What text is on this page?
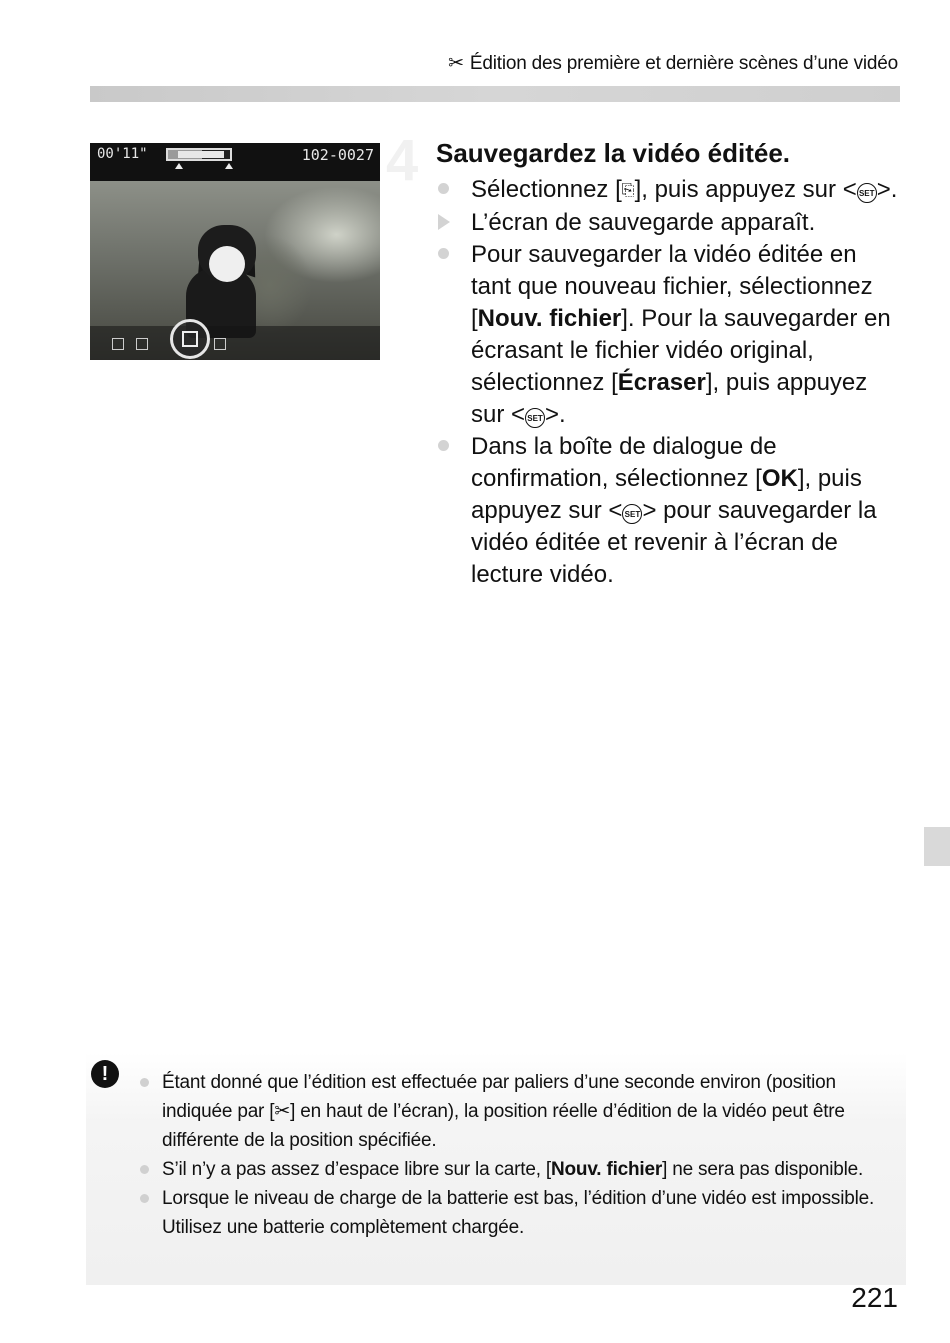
✂ Édition des première et dernière scènes d’une vidéo
00'11"	102-0027 4 Sauvegardez la vidéo éditée.
Sélectionnez [⎘], puis appuyez sur < SET>.
L’écran de sauvegarde apparaît.
Pour sauvegarder la vidéo éditée en tant que nouveau fichier, sélectionnez [Nouv. fichier]. Pour la sauvegarder en écrasant le fichier vidéo original, sélectionnez [Écraser], puis appuyez sur < SET>.
Dans la boîte de dialogue de confirmation, sélectionnez [OK], puis appuyez sur < SET> pour sauvegarder la vidéo éditée et revenir à l’écran de lecture vidéo.
!	Étant donné que l’édition est effectuée par paliers d’une seconde environ (position indiquée par [✂] en haut de l’écran), la position réelle d’édition de la vidéo peut être différente de la position spécifiée.
S’il n’y a pas assez d’espace libre sur la carte, [Nouv. fichier] ne sera pas disponible.
Lorsque le niveau de charge de la batterie est bas, l’édition d’une vidéo est impossible. Utilisez une batterie complètement chargée.
221
